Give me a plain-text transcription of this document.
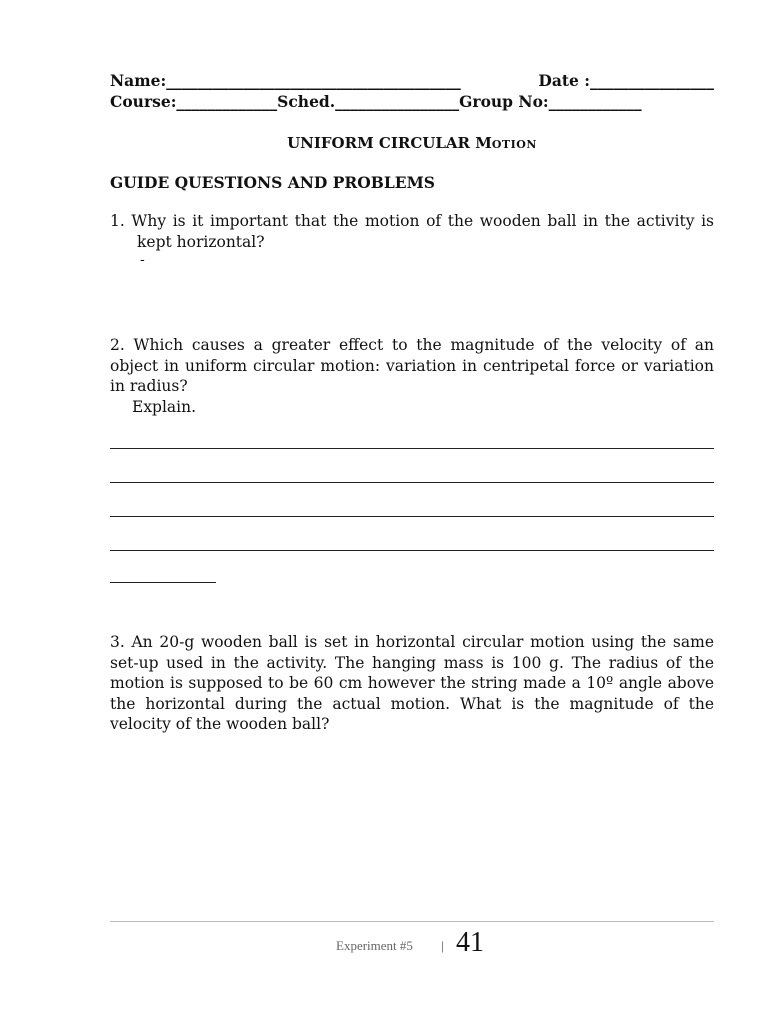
Name: ______________________________________	Date : ________________
Course: _____________ Sched. ________________ Group No: ____________
UNIFORM CIRCULAR MOTION
GUIDE QUESTIONS AND PROBLEMS
1. Why is it important that the motion of the wooden ball in the activity is kept horizontal?
-
2. Which causes a greater effect to the magnitude of the velocity of an object in uniform circular motion: variation in centripetal force or variation in radius?
Explain.
3. An 20-g wooden ball is set in horizontal circular motion using the same set-up used in the activity. The hanging mass is 100 g. The radius of the motion is supposed to be 60 cm however the string made a 10º angle above the horizontal during the actual motion. What is the magnitude of the velocity of the wooden ball?
Experiment #5 | 41
